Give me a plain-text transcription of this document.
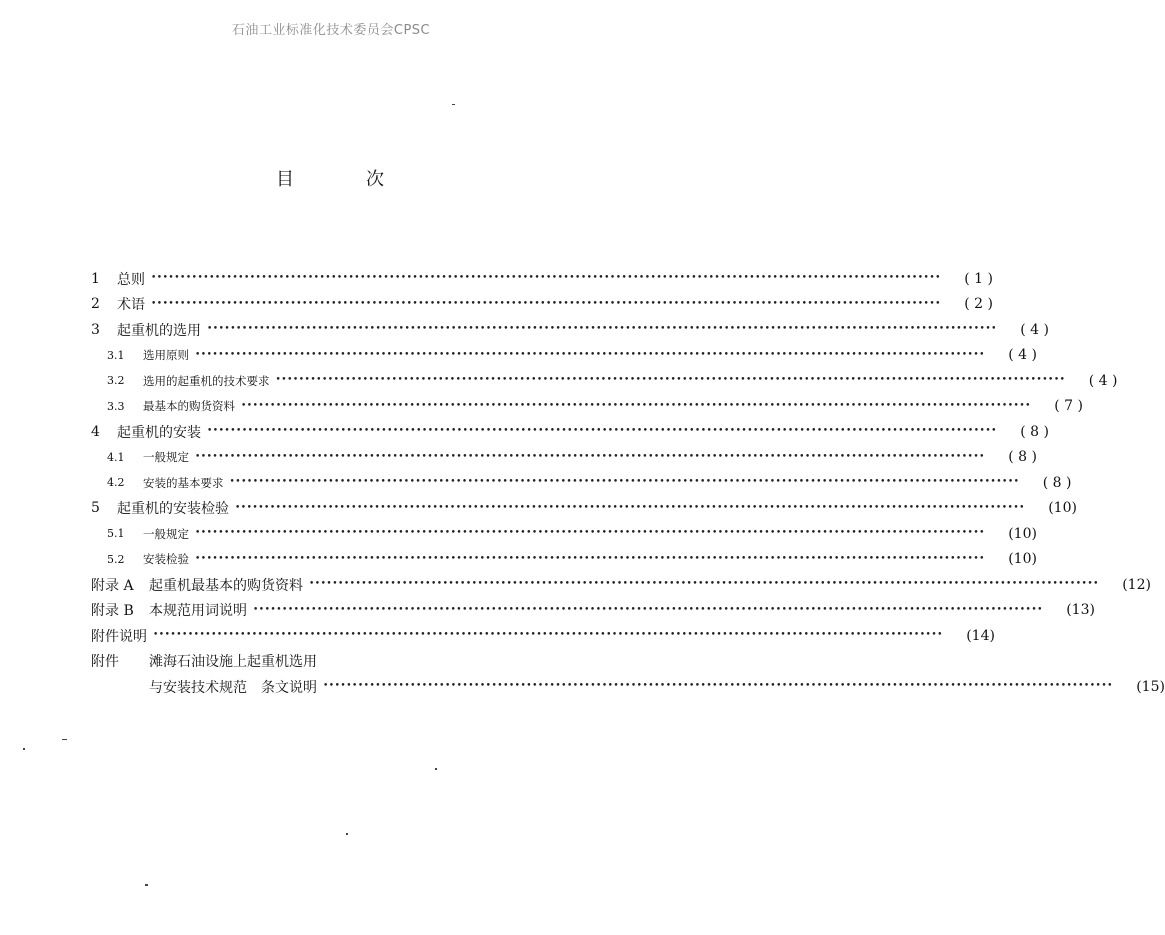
石油工业标准化技术委员会CPSC
目	次
1	总则 ••••••••••••••••••••••••••••••••••••••••••••••••••••••••••••••••••••••••••••••••••••••••••••••••••••••••••••••••••••••••••••••••••••••••	( 1 )
2	术语 ••••••••••••••••••••••••••••••••••••••••••••••••••••••••••••••••••••••••••••••••••••••••••••••••••••••••••••••••••••••••••••••••••••••••	( 2 )
3	起重机的选用 ••••••••••••••••••••••••••••••••••••••••••••••••••••••••••••••••••••••••••••••••••••••••••••••••••••••••••••••••••••••••••••••••••••••••	( 4 )
3.1	选用原则 ••••••••••••••••••••••••••••••••••••••••••••••••••••••••••••••••••••••••••••••••••••••••••••••••••••••••••••••••••••••••••••••••••••••••	( 4 )
3.2	选用的起重机的技术要求 ••••••••••••••••••••••••••••••••••••••••••••••••••••••••••••••••••••••••••••••••••••••••••••••••••••••••••••••••••••••••••••••••••••••••	( 4 )
3.3	最基本的购货资料 ••••••••••••••••••••••••••••••••••••••••••••••••••••••••••••••••••••••••••••••••••••••••••••••••••••••••••••••••••••••••••••••••••••••••	( 7 )
4	起重机的安装 ••••••••••••••••••••••••••••••••••••••••••••••••••••••••••••••••••••••••••••••••••••••••••••••••••••••••••••••••••••••••••••••••••••••••	( 8 )
4.1	一般规定 ••••••••••••••••••••••••••••••••••••••••••••••••••••••••••••••••••••••••••••••••••••••••••••••••••••••••••••••••••••••••••••••••••••••••	( 8 )
4.2	安装的基本要求 ••••••••••••••••••••••••••••••••••••••••••••••••••••••••••••••••••••••••••••••••••••••••••••••••••••••••••••••••••••••••••••••••••••••••	( 8 )
5	起重机的安装检验 ••••••••••••••••••••••••••••••••••••••••••••••••••••••••••••••••••••••••••••••••••••••••••••••••••••••••••••••••••••••••••••••••••••••••	(10)
5.1	一般规定 ••••••••••••••••••••••••••••••••••••••••••••••••••••••••••••••••••••••••••••••••••••••••••••••••••••••••••••••••••••••••••••••••••••••••	(10)
5.2	安装检验 ••••••••••••••••••••••••••••••••••••••••••••••••••••••••••••••••••••••••••••••••••••••••••••••••••••••••••••••••••••••••••••••••••••••••	(10)
附录 A	起重机最基本的购货资料 ••••••••••••••••••••••••••••••••••••••••••••••••••••••••••••••••••••••••••••••••••••••••••••••••••••••••••••••••••••••••••••••••••••••••	(12)
附录 B	本规范用词说明 ••••••••••••••••••••••••••••••••••••••••••••••••••••••••••••••••••••••••••••••••••••••••••••••••••••••••••••••••••••••••••••••••••••••••	(13)
附件说明 ••••••••••••••••••••••••••••••••••••••••••••••••••••••••••••••••••••••••••••••••••••••••••••••••••••••••••••••••••••••••••••••••••••••••	(14)
附件	滩海石油设施上起重机选用
与安装技术规范　条文说明 ••••••••••••••••••••••••••••••••••••••••••••••••••••••••••••••••••••••••••••••••••••••••••••••••••••••••••••••••••••••••••••••••••••••••	(15)
